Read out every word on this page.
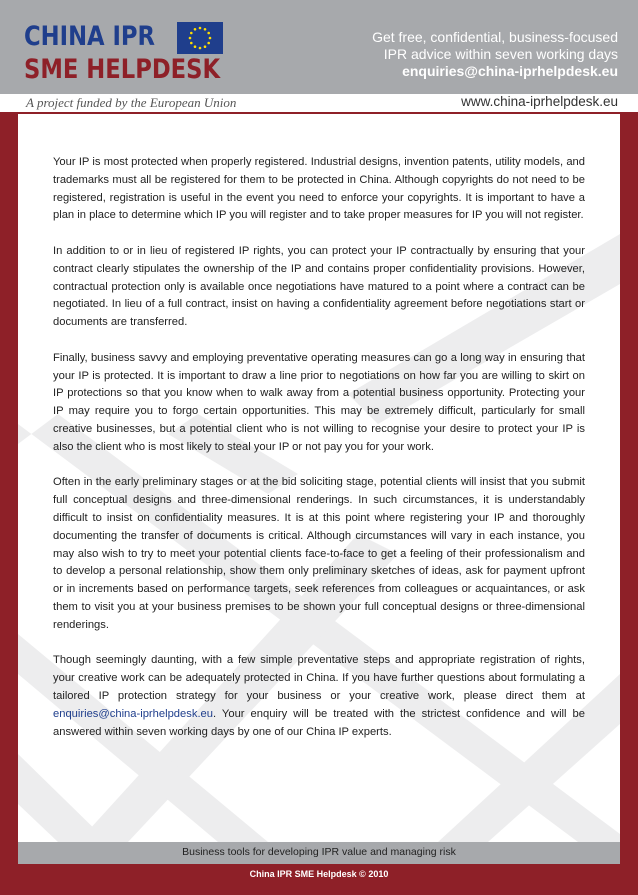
CHINA IPR
SME HELPDESK
Get free, confidential, business-focused
IPR advice within seven working days
enquiries@china-iprhelpdesk.eu
A project funded by the European Union	www.china-iprhelpdesk.eu

Your IP is most protected when properly registered. Industrial designs, invention patents, utility models, and trademarks must all be registered for them to be protected in China. Although copyrights do not need to be registered, registration is useful in the event you need to enforce your copyrights. It is important to have a plan in place to determine which IP you will register and to take proper measures for IP you will not register.

In addition to or in lieu of registered IP rights, you can protect your IP contractually by ensuring that your contract clearly stipulates the ownership of the IP and contains proper confidentiality provisions. However, contractual protection only is available once negotiations have matured to a point where a contract can be negotiated. In lieu of a full contract, insist on having a confidentiality agreement before negotiations start or documents are transferred.

Finally, business savvy and employing preventative operating measures can go a long way in ensuring that your IP is protected. It is important to draw a line prior to negotiations on how far you are willing to skirt on IP protections so that you know when to walk away from a potential business opportunity. Protecting your IP may require you to forgo certain opportunities. This may be extremely difficult, particularly for small creative businesses, but a potential client who is not willing to recognise your desire to protect your IP is also the client who is most likely to steal your IP or not pay you for your work.

Often in the early preliminary stages or at the bid soliciting stage, potential clients will insist that you submit full conceptual designs and three-dimensional renderings. In such circumstances, it is understandably difficult to insist on confidentiality measures. It is at this point where registering your IP and thoroughly documenting the transfer of documents is critical. Although circumstances will vary in each instance, you may also wish to try to meet your potential clients face-to-face to get a feeling of their professionalism and to develop a personal relationship, show them only preliminary sketches of ideas, ask for payment upfront or in increments based on performance targets, seek references from colleagues or acquaintances, or ask them to visit you at your business premises to be shown your full conceptual designs or three-dimensional renderings.

Though seemingly daunting, with a few simple preventative steps and appropriate registration of rights, your creative work can be adequately protected in China. If you have further questions about formulating a tailored IP protection strategy for your business or your creative work, please direct them at enquiries@china-iprhelpdesk.eu. Your enquiry will be treated with the strictest confidence and will be answered within seven working days by one of our China IP experts.

Business tools for developing IPR value and managing risk
China IPR SME Helpdesk © 2010
